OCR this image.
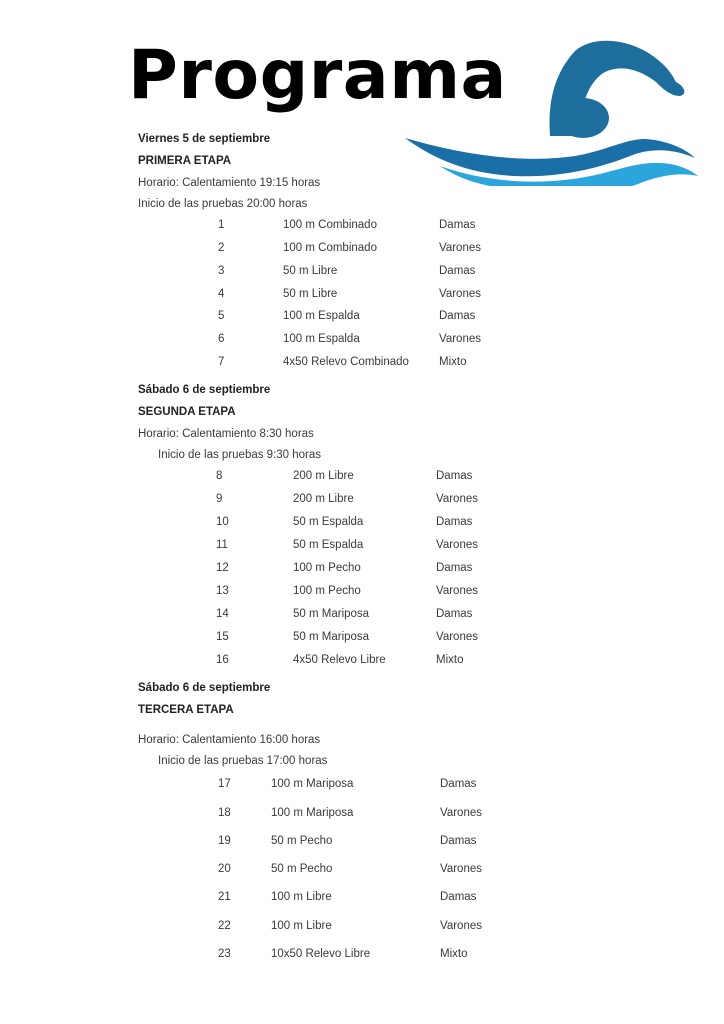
Programa
Viernes 5 de septiembre
PRIMERA ETAPA
Horario: Calentamiento 19:15 horas
Inicio de las pruebas 20:00 horas
1	100 m Combinado	Damas
2	100 m Combinado	Varones
3	50 m Libre	Damas
4	50 m Libre	Varones
5	100 m Espalda	Damas
6	100 m Espalda	Varones
7	4x50 Relevo Combinado	Mixto
Sábado 6 de septiembre
SEGUNDA ETAPA
Horario: Calentamiento 8:30 horas
Inicio de las pruebas 9:30 horas
8	200 m Libre	Damas
9	200 m Libre	Varones
10	50 m Espalda	Damas
11	50 m Espalda	Varones
12	100 m Pecho	Damas
13	100 m Pecho	Varones
14	50 m Mariposa	Damas
15	50 m Mariposa	Varones
16	4x50 Relevo Libre	Mixto
Sábado 6 de septiembre
TERCERA ETAPA
Horario: Calentamiento 16:00 horas
Inicio de las pruebas 17:00 horas
17	100 m Mariposa	Damas
18	100 m Mariposa	Varones
19	50 m Pecho	Damas
20	50 m Pecho	Varones
21	100 m Libre	Damas
22	100 m Libre	Varones
23	10x50 Relevo Libre	Mixto
